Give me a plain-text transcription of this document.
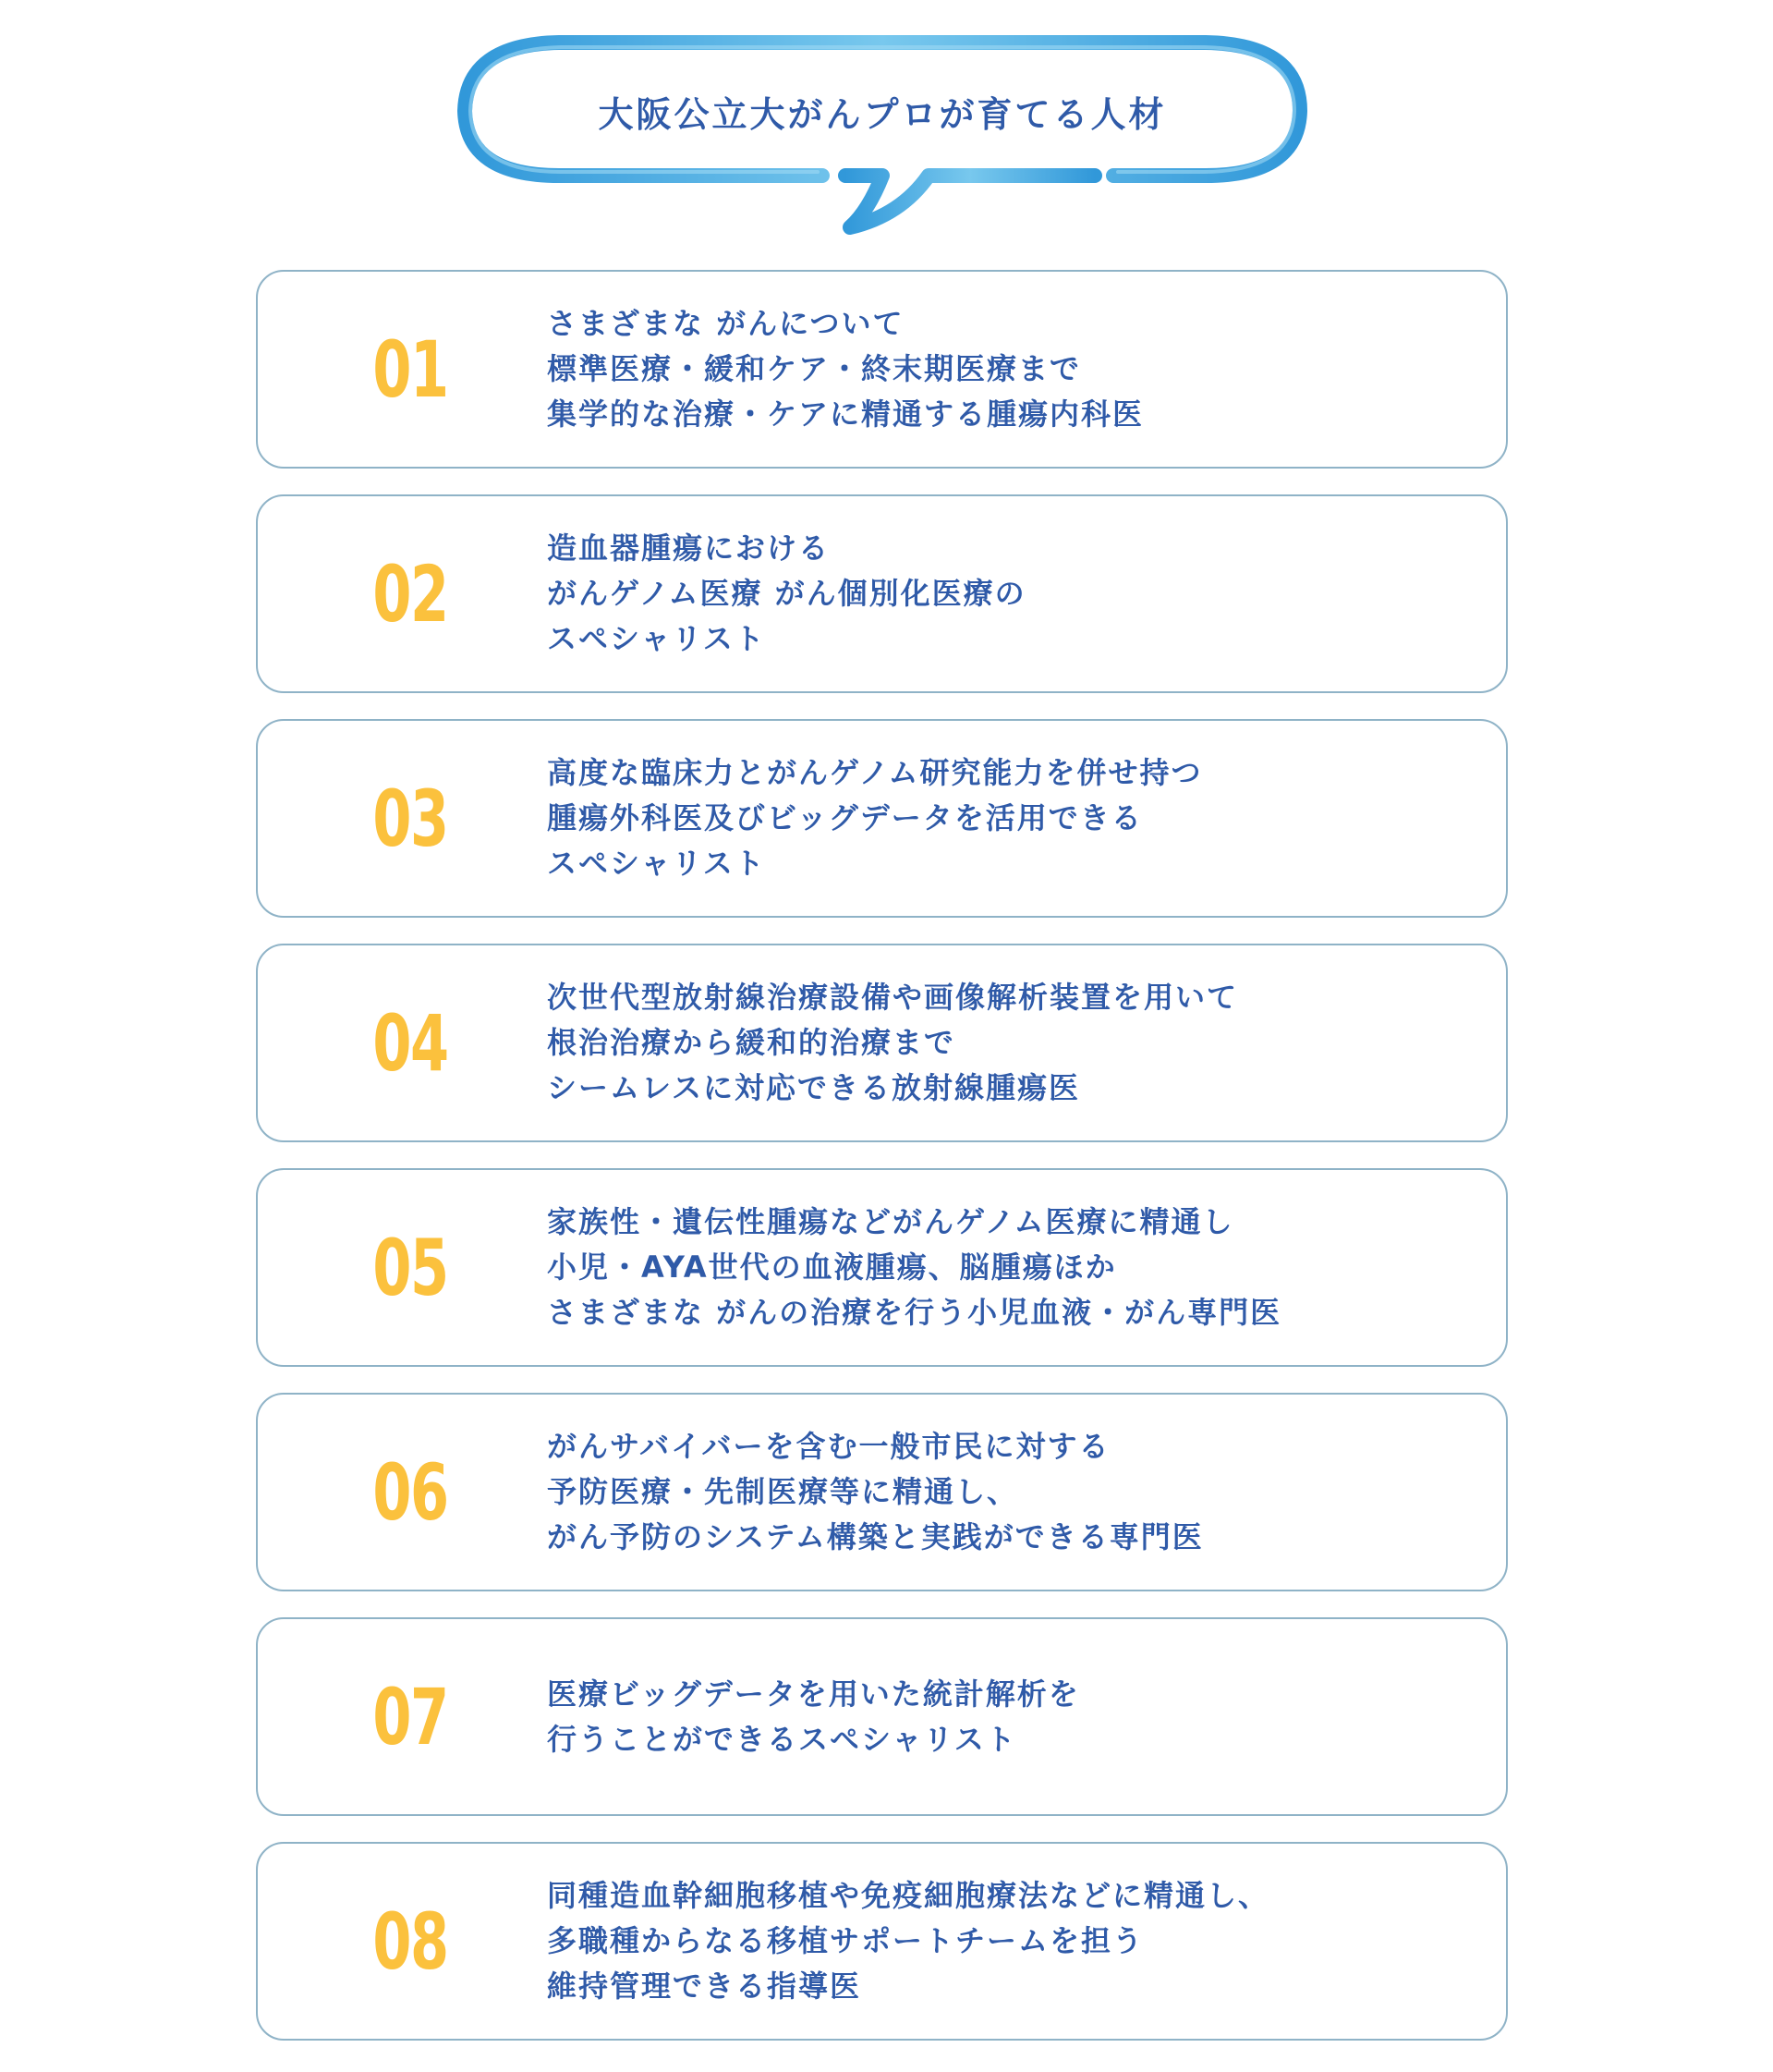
大阪公立大がんプロが育てる人材
01
さまざまな がんについて
標準医療・緩和ケア・終末期医療まで
集学的な治療・ケアに精通する腫瘍内科医
02
造血器腫瘍における
がんゲノム医療 がん個別化医療の
スペシャリスト
03
高度な臨床力とがんゲノム研究能力を併せ持つ
腫瘍外科医及びビッグデータを活用できる
スペシャリスト
04
次世代型放射線治療設備や画像解析装置を用いて
根治治療から緩和的治療まで
シームレスに対応できる放射線腫瘍医
05
家族性・遺伝性腫瘍などがんゲノム医療に精通し
小児・AYA世代の血液腫瘍、脳腫瘍ほか
さまざまな がんの治療を行う小児血液・がん専門医
06
がんサバイバーを含む一般市民に対する
予防医療・先制医療等に精通し、
がん予防のシステム構築と実践ができる専門医
07	医療ビッグデータを用いた統計解析を
行うことができるスペシャリスト
08
同種造血幹細胞移植や免疫細胞療法などに精通し、
多職種からなる移植サポートチームを担う
維持管理できる指導医
